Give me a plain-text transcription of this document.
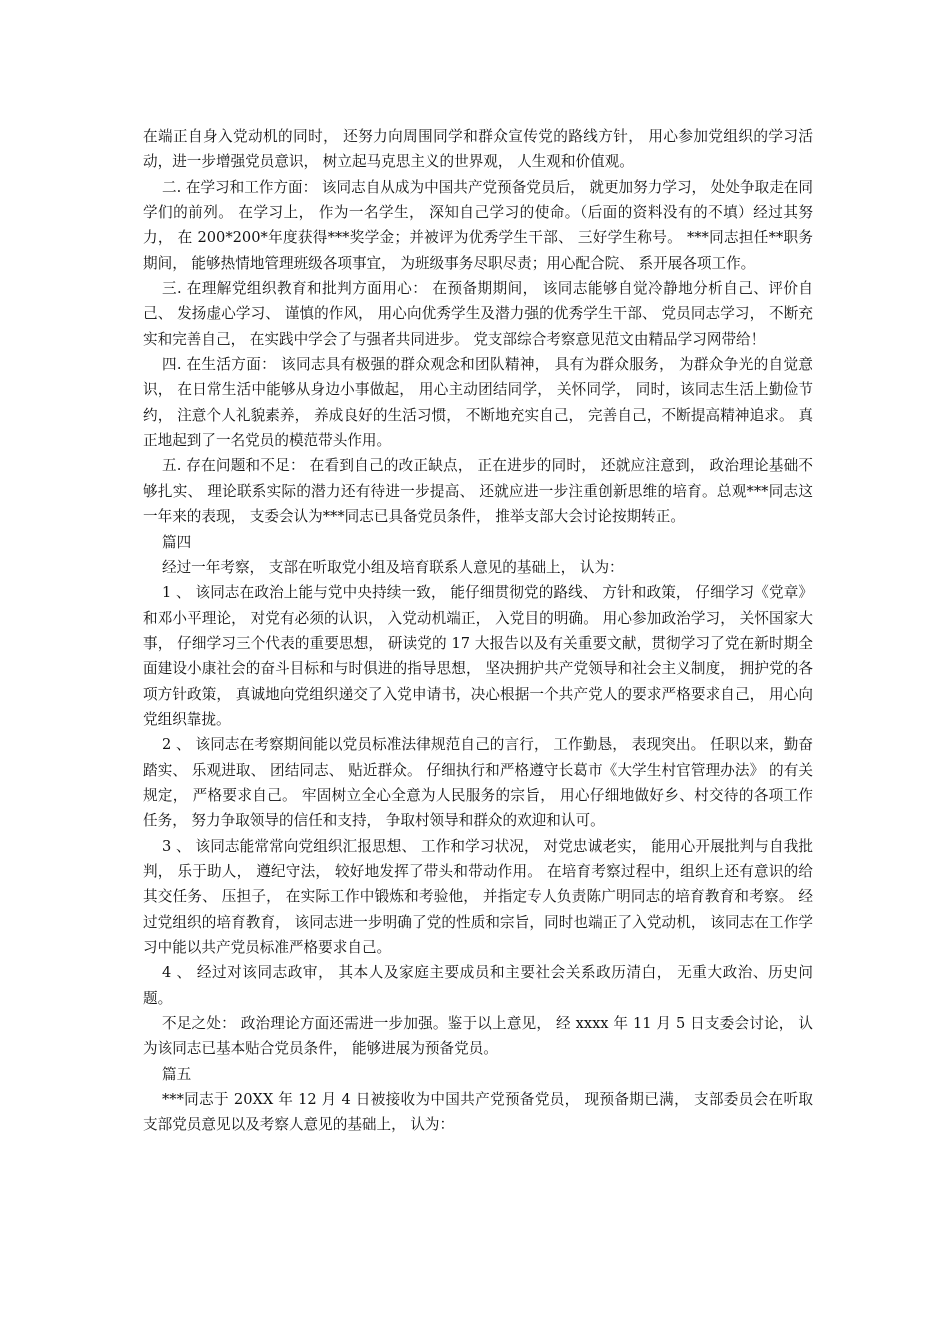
在端正自身入党动机的同时， 还努力向周围同学和群众宣传党的路线方针， 用心参加党组织的学习活动，进一步增强党员意识， 树立起马克思主义的世界观， 人生观和价值观。

二. 在学习和工作方面： 该同志自从成为中国共产党预备党员后， 就更加努力学习， 处处争取走在同学们的前列。 在学习上， 作为一名学生， 深知自己学习的使命。（后面的资料没有的不填）经过其努力， 在 200*200*年度获得***奖学金；并被评为优秀学生干部、 三好学生称号。 ***同志担任**职务期间， 能够热情地管理班级各项事宜， 为班级事务尽职尽责；用心配合院、 系开展各项工作。

三. 在理解党组织教育和批判方面用心： 在预备期期间， 该同志能够自觉冷静地分析自己、评价自己、 发扬虚心学习、 谨慎的作风， 用心向优秀学生及潜力强的优秀学生干部、 党员同志学习， 不断充实和完善自己， 在实践中学会了与强者共同进步。 党支部综合考察意见范文由精品学习网带给！

四. 在生活方面： 该同志具有极强的群众观念和团队精神， 具有为群众服务， 为群众争光的自觉意识， 在日常生活中能够从身边小事做起， 用心主动团结同学， 关怀同学， 同时，该同志生活上勤俭节约， 注意个人礼貌素养， 养成良好的生活习惯， 不断地充实自己， 完善自己，不断提高精神追求。 真正地起到了一名党员的模范带头作用。

五. 存在问题和不足： 在看到自己的改正缺点， 正在进步的同时， 还就应注意到， 政治理论基础不够扎实、 理论联系实际的潜力还有待进一步提高、 还就应进一步注重创新思维的培育。总观***同志这一年来的表现， 支委会认为***同志已具备党员条件， 推举支部大会讨论按期转正。

篇四

经过一年考察， 支部在听取党小组及培育联系人意见的基础上， 认为：

1 、 该同志在政治上能与党中央持续一致， 能仔细贯彻党的路线、 方针和政策， 仔细学习《党章》 和邓小平理论， 对党有必须的认识， 入党动机端正， 入党目的明确。 用心参加政治学习， 关怀国家大事， 仔细学习三个代表的重要思想， 研读党的 17 大报告以及有关重要文献，贯彻学习了党在新时期全面建设小康社会的奋斗目标和与时俱进的指导思想， 坚决拥护共产党领导和社会主义制度， 拥护党的各项方针政策， 真诚地向党组织递交了入党申请书，决心根据一个共产党人的要求严格要求自己， 用心向党组织靠拢。

2 、 该同志在考察期间能以党员标准法律规范自己的言行， 工作勤恳， 表现突出。 任职以来，勤奋踏实、 乐观进取、 团结同志、 贴近群众。 仔细执行和严格遵守长葛市《大学生村官管理办法》 的有关规定， 严格要求自己。 牢固树立全心全意为人民服务的宗旨， 用心仔细地做好乡、村交待的各项工作任务， 努力争取领导的信任和支持， 争取村领导和群众的欢迎和认可。

3 、 该同志能常常向党组织汇报思想、 工作和学习状况， 对党忠诚老实， 能用心开展批判与自我批判， 乐于助人， 遵纪守法， 较好地发挥了带头和带动作用。 在培育考察过程中，组织上还有意识的给其交任务、 压担子， 在实际工作中锻炼和考验他， 并指定专人负责陈广明同志的培育教育和考察。 经过党组织的培育教育， 该同志进一步明确了党的性质和宗旨，同时也端正了入党动机， 该同志在工作学习中能以共产党员标准严格要求自己。

4 、 经过对该同志政审， 其本人及家庭主要成员和主要社会关系政历清白， 无重大政治、历史问题。

不足之处： 政治理论方面还需进一步加强。鉴于以上意见， 经 xxxx 年 11 月 5 日支委会讨论， 认为该同志已基本贴合党员条件， 能够进展为预备党员。

篇五

***同志于 20XX 年 12 月 4 日被接收为中国共产党预备党员， 现预备期已满， 支部委员会在听取支部党员意见以及考察人意见的基础上， 认为：
